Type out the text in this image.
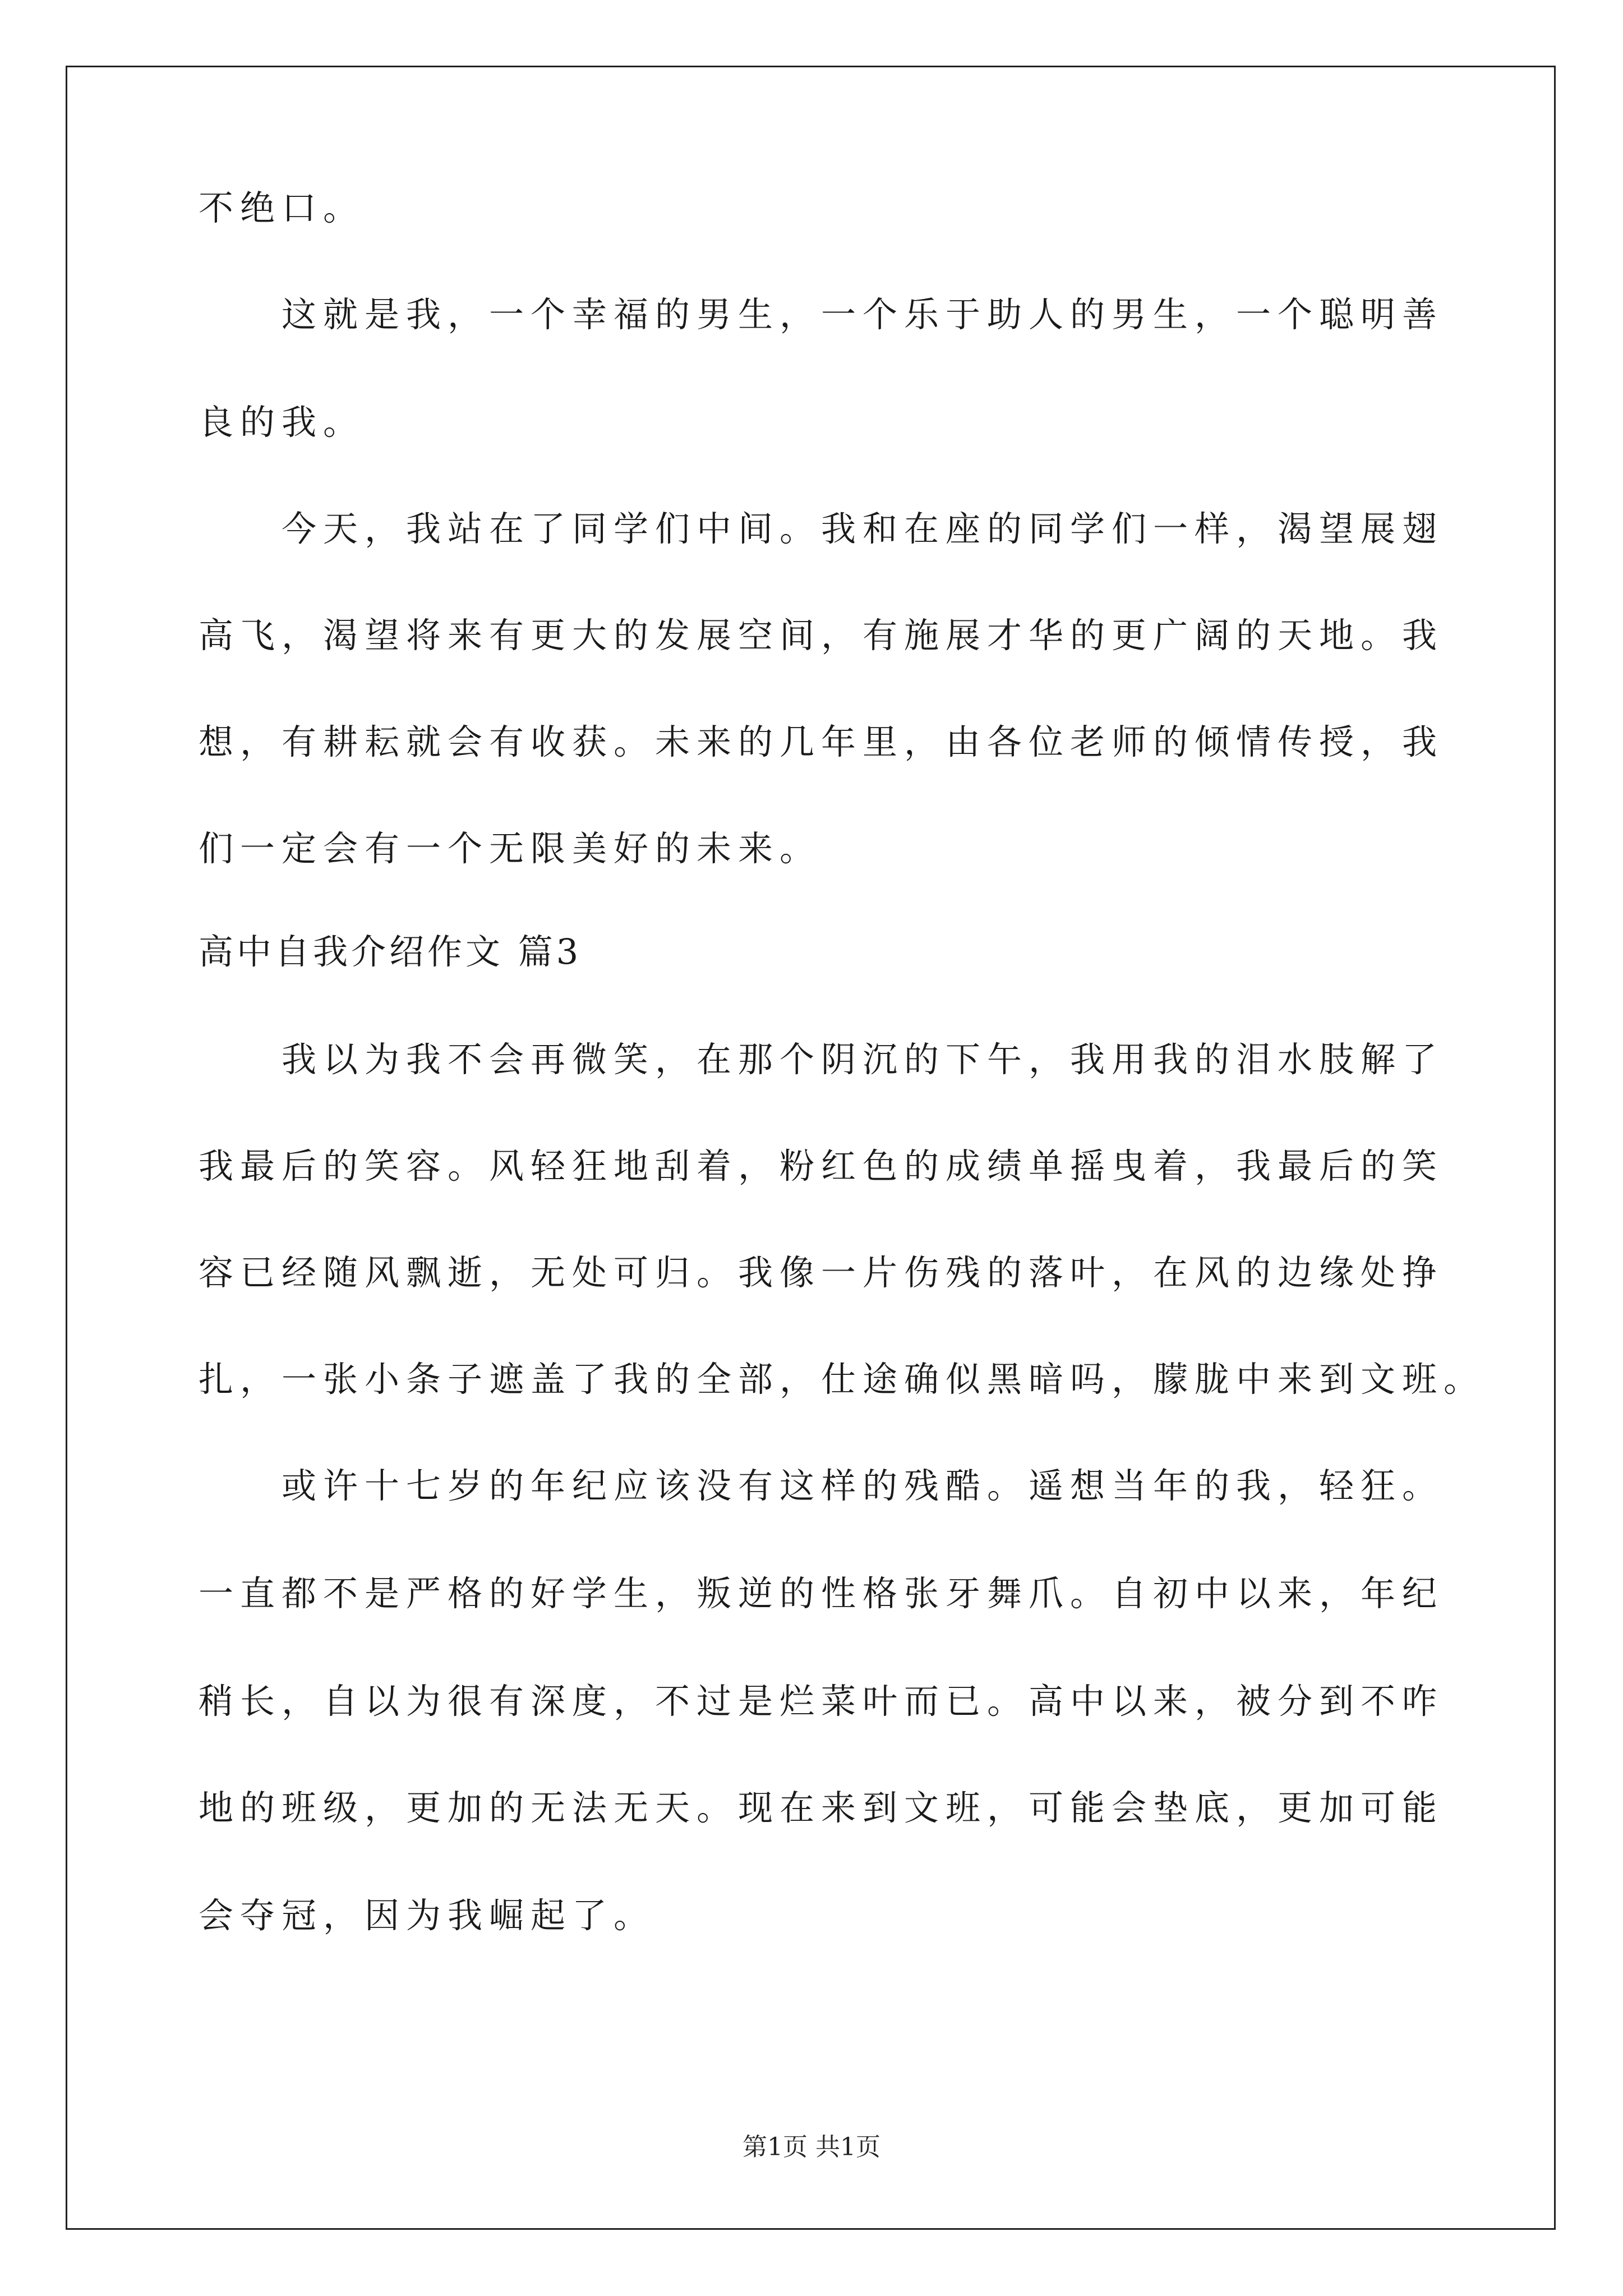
不绝口。
这就是我，一个幸福的男生，一个乐于助人的男生，一个聪明善
良的我。
今天，我站在了同学们中间。我和在座的同学们一样，渴望展翅
高飞，渴望将来有更大的发展空间，有施展才华的更广阔的天地。我
想，有耕耘就会有收获。未来的几年里，由各位老师的倾情传授，我
们一定会有一个无限美好的未来。
高中自我介绍作文 篇3
我以为我不会再微笑，在那个阴沉的下午，我用我的泪水肢解了
我最后的笑容。风轻狂地刮着，粉红色的成绩单摇曳着，我最后的笑
容已经随风飘逝，无处可归。我像一片伤残的落叶，在风的边缘处挣
扎，一张小条子遮盖了我的全部，仕途确似黑暗吗，朦胧中来到文班。
或许十七岁的年纪应该没有这样的残酷。遥想当年的我，轻狂。
一直都不是严格的好学生，叛逆的性格张牙舞爪。自初中以来，年纪
稍长，自以为很有深度，不过是烂菜叶而已。高中以来，被分到不咋
地的班级，更加的无法无天。现在来到文班，可能会垫底，更加可能
会夺冠，因为我崛起了。
第1页 共1页
